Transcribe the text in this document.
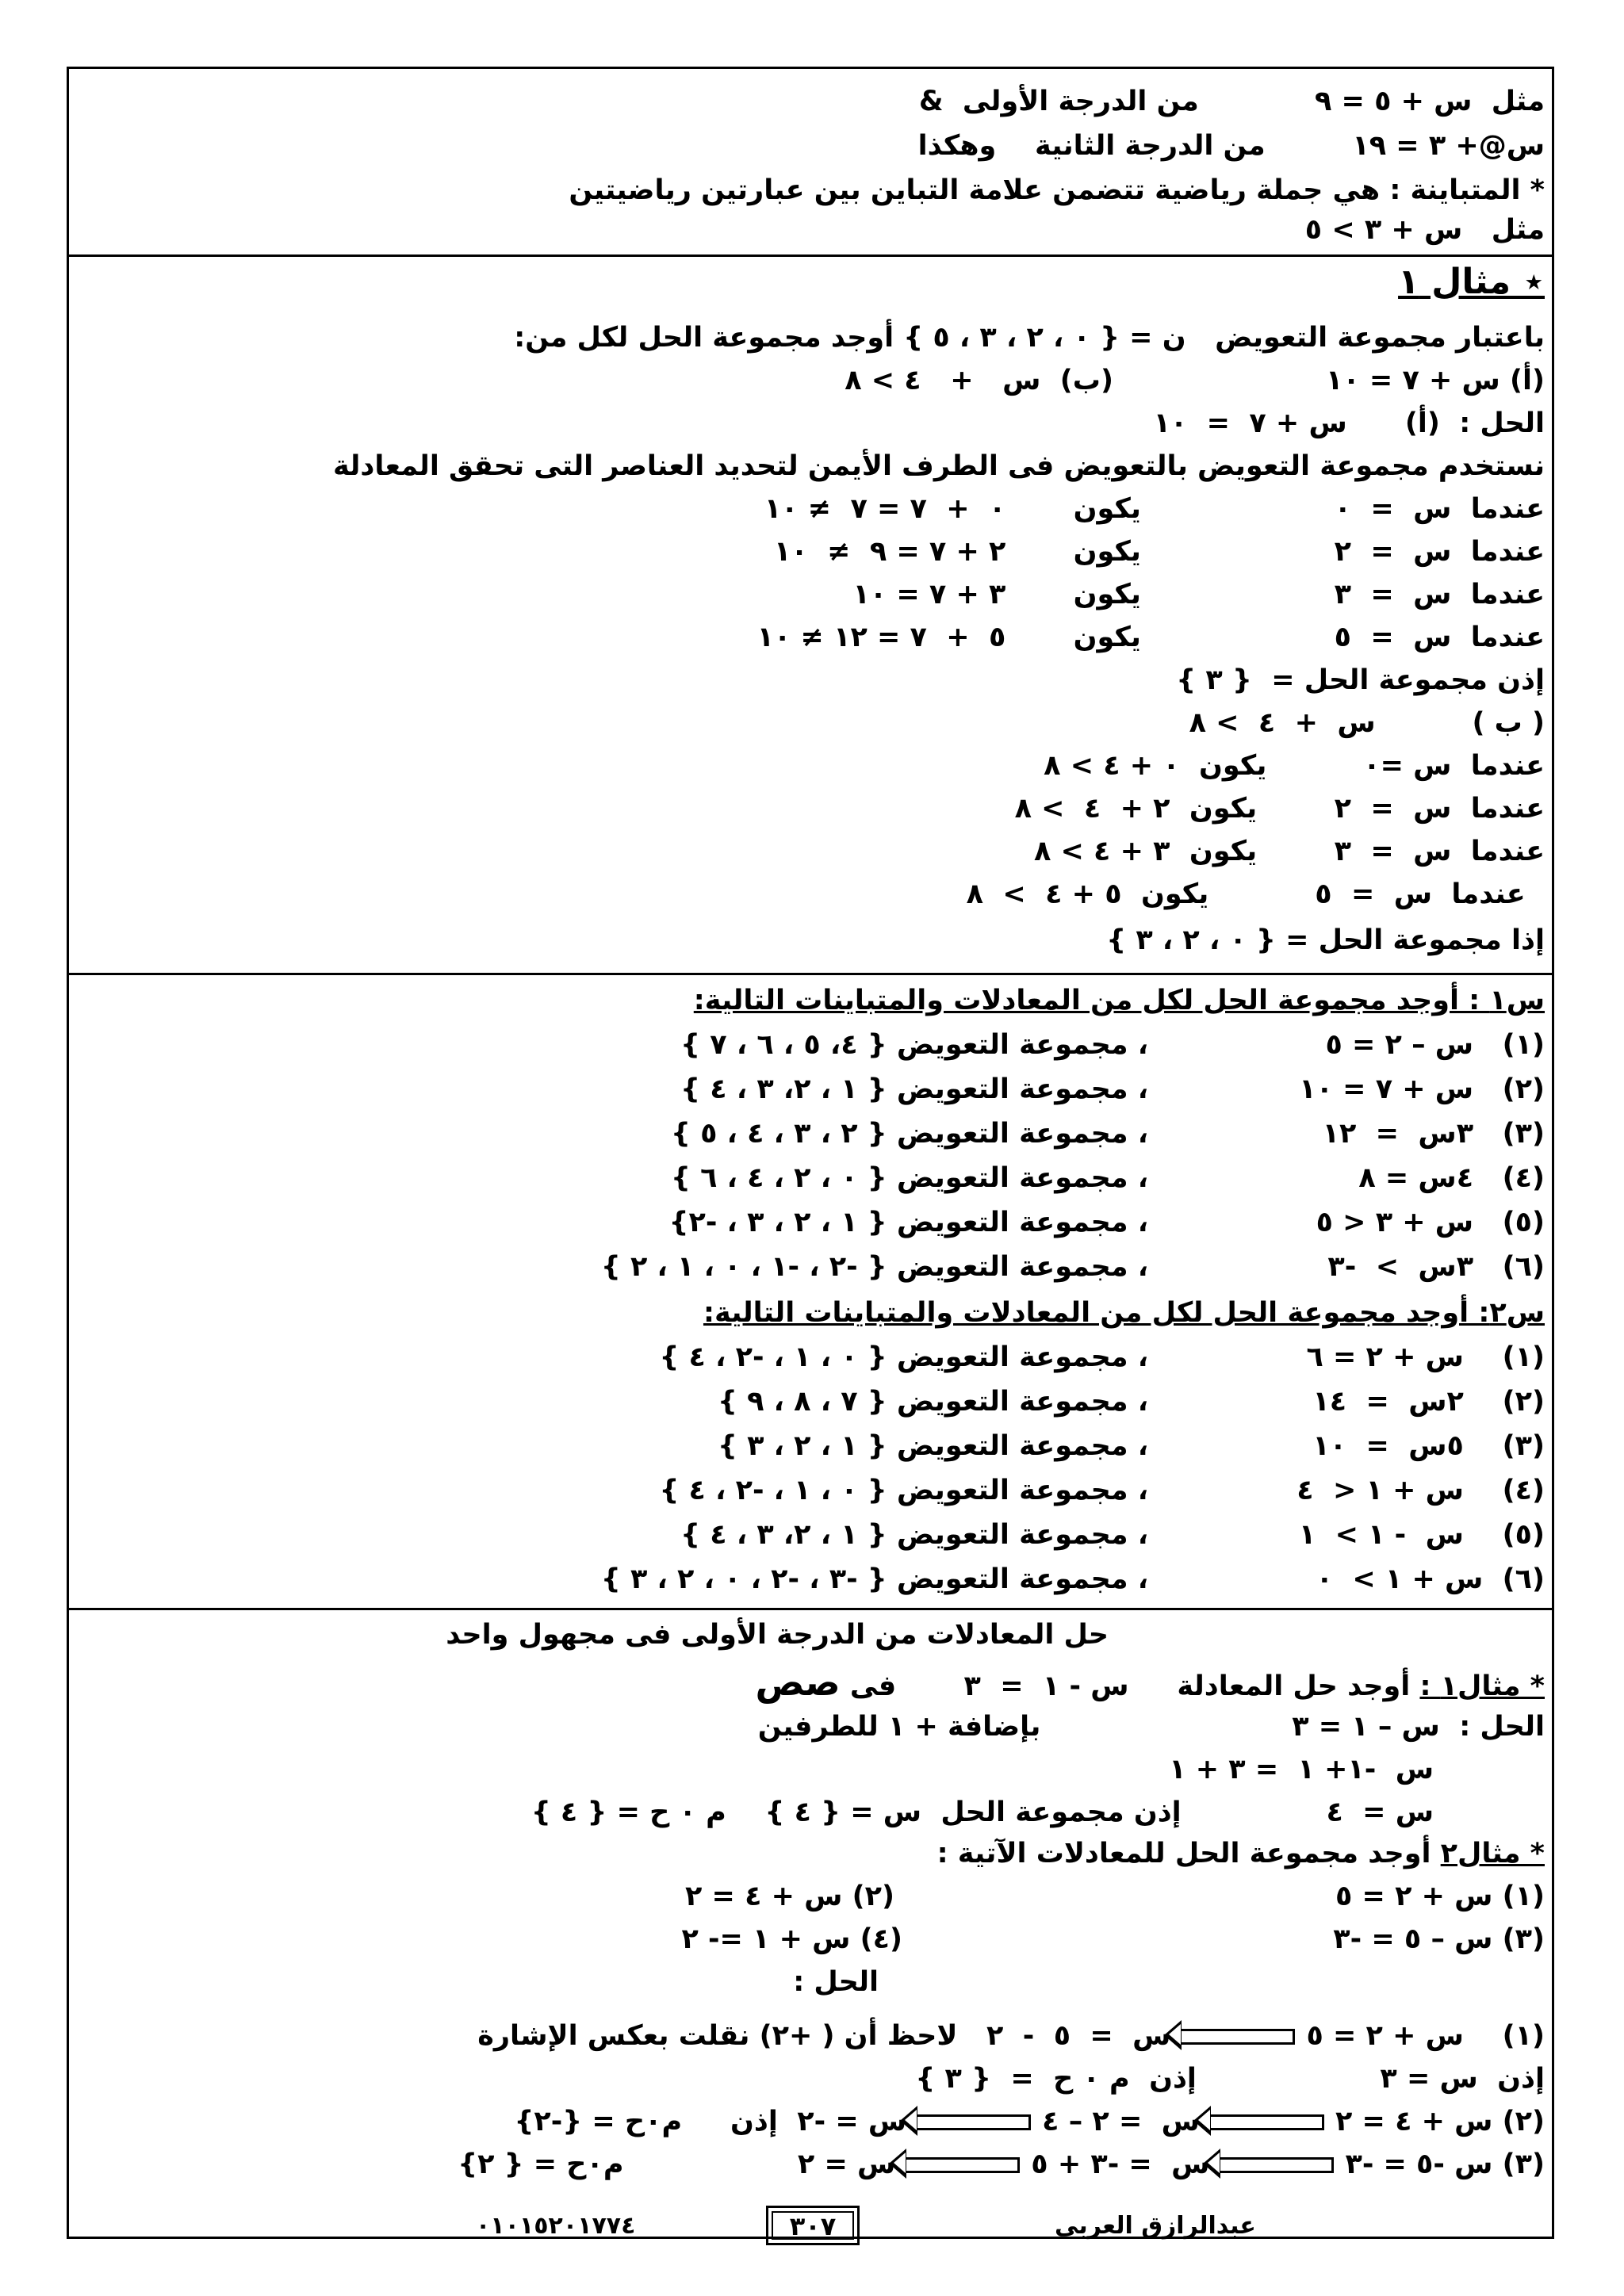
مثل  س + ٥ = ٩            من الدرجة الأولى  &
س@+ ٣ = ١٩         من الدرجة الثانية    وهكذا
* المتباينة : هي جملة رياضية تتضمن علامة التباين بين عبارتين رياضيتين
مثل   س + ٣ > ٥
⋆ مثال ١
باعتبار مجموعة التعويض   ن = { ٠ ، ٢ ، ٣ ، ٥ } أوجد مجموعة الحل لكل من:
(أ) س + ٧ = ١٠                      (ب)  س   +   ٤ > ٨
الحل :  (أ)      س + ٧  =  ١٠
نستخدم مجموعة التعويض بالتعويض فى الطرف الأيمن لتحديد العناصر التى تحقق المعادلة
عندما  س  =  ٠                    يكون       ٠  +  ٧ = ٧  ≠ ١٠
عندما  س  =  ٢                    يكون       ٢ + ٧ = ٩  ≠  ١٠
عندما  س  =  ٣                    يكون       ٣ + ٧ = ١٠
عندما  س  =  ٥                    يكون       ٥  +  ٧ = ١٢ ≠ ١٠
إذن مجموعة الحل =  { ٣ }
( ب )          س  +  ٤  > ٨
عندما  س =٠          يكون  ٠ + ٤ > ٨
عندما  س  =  ٢        يكون  ٢ +  ٤  > ٨
عندما  س  =  ٣        يكون  ٣ + ٤ > ٨
عندما  س  =  ٥           يكون  ٥ + ٤  >  ٨
إذا مجموعة الحل = { ٠ ، ٢ ، ٣ }
س١ : أوجد مجموعة الحل لكل من المعادلات والمتباينات التالية:
(١)   س – ٢ = ٥
، مجموعة التعويض { ٤، ٥ ، ٦ ، ٧ }
(٢)   س + ٧ = ١٠
، مجموعة التعويض { ١ ، ٢، ٣ ، ٤ }
(٣)   ٣س  =  ١٢
، مجموعة التعويض { ٢ ، ٣ ، ٤ ، ٥ }
(٤)   ٤س = ٨
، مجموعة التعويض { ٠ ، ٢ ، ٤ ، ٦ }
(٥)   س + ٣ < ٥
، مجموعة التعويض { ١ ، ٢ ، ٣ ، -٢}
(٦)   ٣س  >  -٣
، مجموعة التعويض { -٢ ، -١ ، ٠ ، ١ ، ٢ }
س٢: أوجد مجموعة الحل لكل من المعادلات والمتباينات التالية:
(١)    س + ٢ = ٦
، مجموعة التعويض { ٠ ، ١ ، -٢ ، ٤ }
(٢)    ٢س  =  ١٤
، مجموعة التعويض { ٧ ، ٨ ، ٩ }
(٣)    ٥س  =  ١٠
، مجموعة التعويض { ١ ، ٢ ، ٣ }
(٤)    س + ١ <  ٤
، مجموعة التعويض { ٠ ، ١ ، -٢ ، ٤ }
(٥)    س  - ١ >  ١
، مجموعة التعويض { ١ ، ٢، ٣ ، ٤ }
(٦)  س + ١ >  ٠
، مجموعة التعويض { -٣ ، -٢ ، ٠ ، ٢ ، ٣ }
حل المعادلات من الدرجة الأولى فى مجهول واحد
* مثال١ : أوجد حل المعادلة     س - ١  =  ٣       فى صص
الحل :  س – ١ = ٣                          بإضافة + ١ للطرفين
س  -١+ ١  = ٣ + ١
س =  ٤               إذن مجموعة الحل  س = { ٤ }    م ٠ ح = { ٤ }
* مثال٢ أوجد مجموعة الحل للمعادلات الآتية :
(١) س + ٢ = ٥
(٢) س + ٤ = ٢
(٣) س – ٥ = -٣
(٤) س + ١ =- ٢
الحل :
(١)    س + ٢ = ٥س  =  ٥  -  ٢   لاحظ أن ( +٢) نقلت بعكس الإشارة
إذن  س = ٣                   إذن  م ٠ ح  =  { ٣ }
(٢) س + ٤ = ٢س  = ٢ – ٤س = -٢  إذن     م٠ح = {-٢}
(٣) س -٥ = -٣س  = -٣ + ٥س = ٢                  م٠ح = { ٢}
٣٠٧	عبدالرازق العربى
٠١٠١٥٢٠١٧٧٤
